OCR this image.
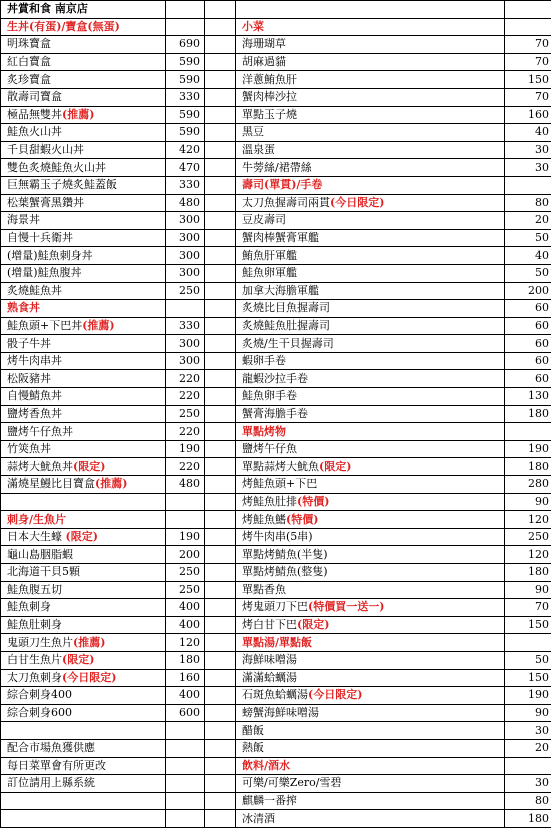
丼賞和食 南京店				
生丼(有蛋)/寶盒(無蛋)			小菜	
明珠寶盒	690		海珊瑚草	70
紅白寶盒	590		胡麻過貓	70
炙珍寶盒	590		洋蔥鮪魚肝	150
散壽司寶盒	330		蟹肉棒沙拉	70
極品無雙丼(推薦)	590		單點玉子燒	160
鮭魚火山丼	590		黑豆	40
千貝甜蝦火山丼	420		溫泉蛋	30
雙色炙燒鮭魚火山丼	470		牛蒡絲/裙帶絲	30
巨無霸玉子燒炙鮭蓋飯	330		壽司(單貫)/手卷	
松葉蟹膏黑鑽丼	480		太刀魚握壽司兩貫(今日限定)	80
海景丼	300		豆皮壽司	20
自慢十兵衛丼	300		蟹肉棒蟹膏軍艦	50
(增量)鮭魚刺身丼	300		鮪魚肝軍艦	40
(增量)鮭魚腹丼	300		鮭魚卵軍艦	50
炙燒鮭魚丼	250		加拿大海膽軍艦	200
熟食丼			炙燒比目魚握壽司	60
鮭魚頭+下巴丼(推薦)	330		炙燒鮭魚肚握壽司	60
骰子牛丼	300		炙燒/生干貝握壽司	60
烤牛肉串丼	300		蝦卵手卷	60
松阪豬丼	220		龍蝦沙拉手卷	60
自慢鯖魚丼	220		鮭魚卵手卷	130
鹽烤香魚丼	250		蟹膏海膽手卷	180
鹽烤午仔魚丼	220		單點烤物	
竹筴魚丼	190		鹽烤午仔魚	190
蒜烤大魷魚丼(限定)	220		單點蒜烤大魷魚(限定)	180
滿燒星鰻比目寶盒(推薦)	480		烤鮭魚頭+下巴	280
			烤鮭魚肚排(特價)	90
刺身/生魚片			烤鮭魚鰭(特價)	120
日本大生蠔 (限定)	190		烤牛肉串(5串)	250
龜山島胭脂蝦	200		單點烤鯖魚(半隻)	120
北海道干貝5顆	250		單點烤鯖魚(整隻)	180
鮭魚腹五切	250		單點香魚	90
鮭魚刺身	400		烤鬼頭刀下巴(特價買一送一)	70
鮭魚肚刺身	400		烤白甘下巴(限定)	150
鬼頭刀生魚片(推薦)	120		單點湯/單點飯	
白甘生魚片(限定)	180		海鮮味噌湯	50
太刀魚刺身(今日限定)	160		滿滿蛤蠣湯	150
綜合刺身400	400		石斑魚蛤蠣湯(今日限定)	190
綜合刺身600	600		螃蟹海鮮味噌湯	90
			醋飯	30
配合市場魚獲供應			熱飯	20
每日菜單會有所更改			飲料/酒水	
訂位請用上縣系統			可樂/可樂Zero/雪碧	30
			麒麟一番搾	80
			冰清酒	180
